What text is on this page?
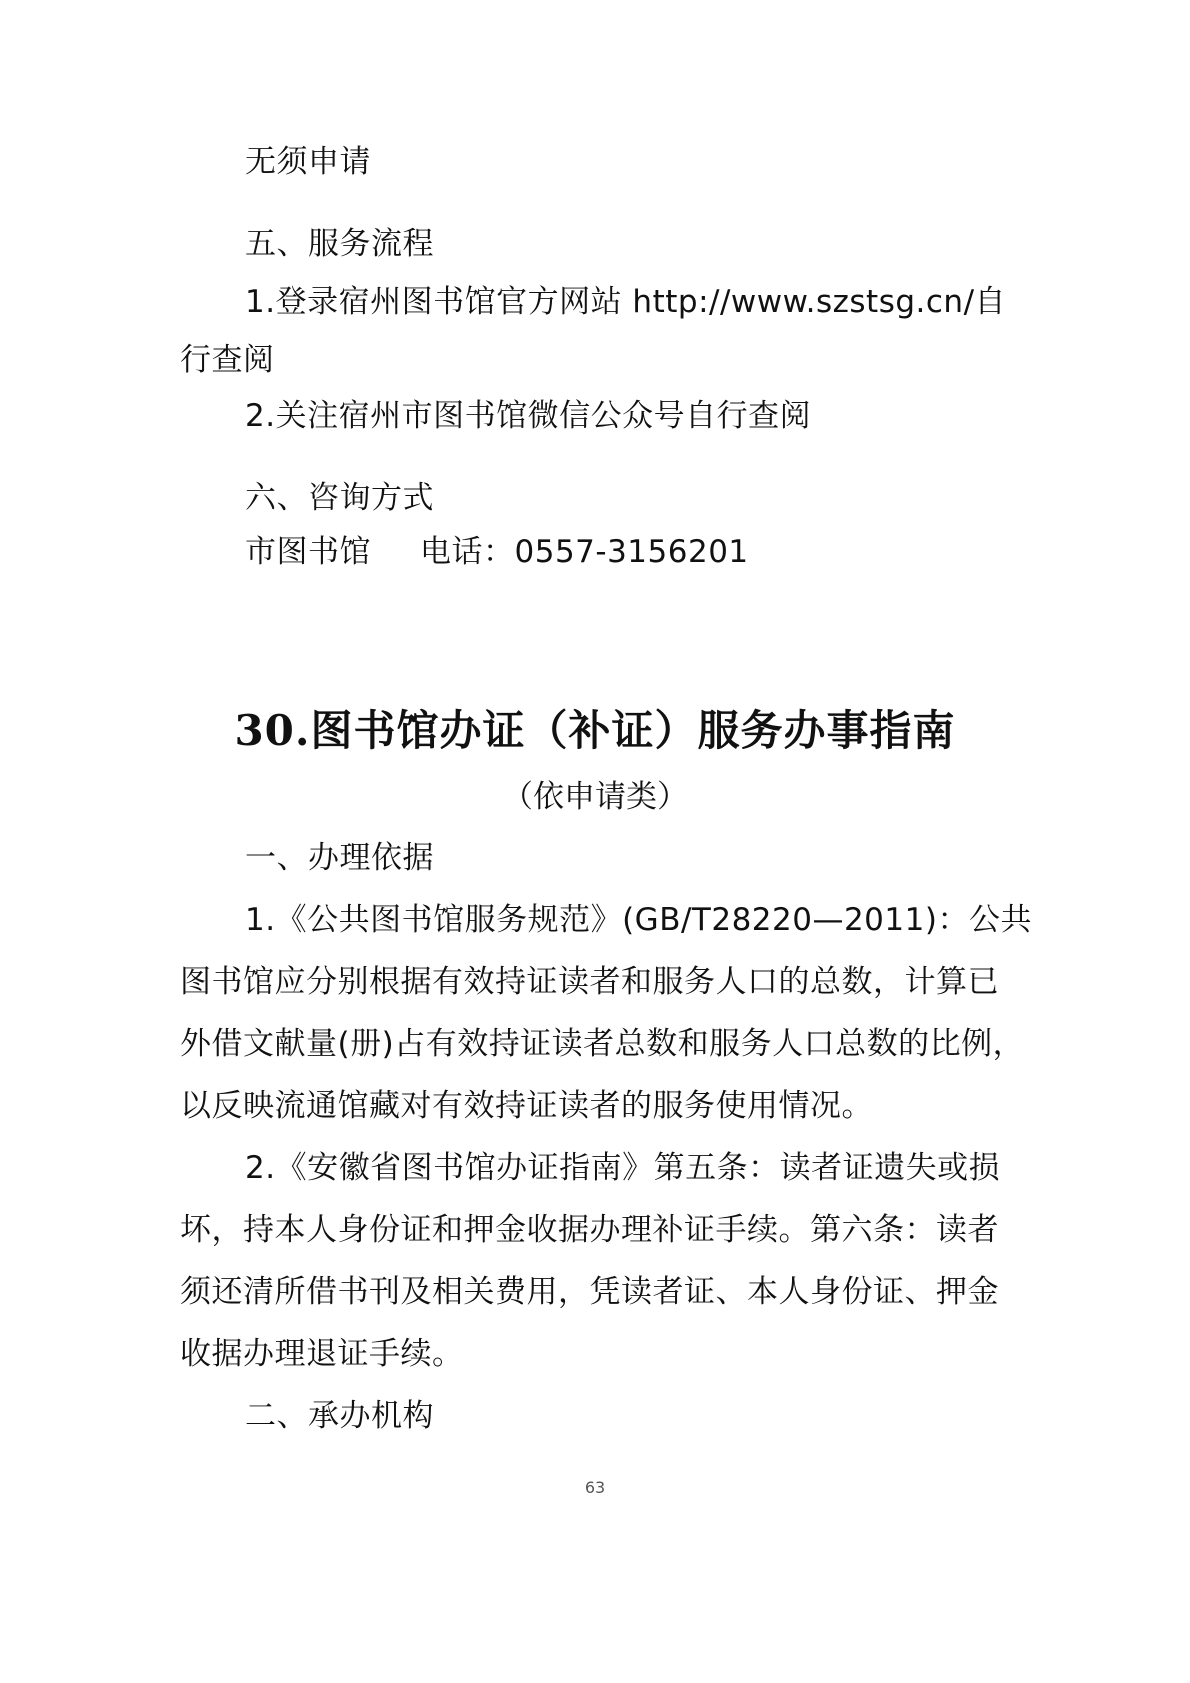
无须申请
五、服务流程
1.登录宿州图书馆官方网站 http://www.szstsg.cn/自
行查阅
2.关注宿州市图书馆微信公众号自行查阅
六、咨询方式
市图书馆 电话：0557-3156201
30.图书馆办证（补证）服务办事指南
（依申请类）
一、办理依据
1.《公共图书馆服务规范》(GB/T28220—2011)：公共
图书馆应分别根据有效持证读者和服务人口的总数，计算已
外借文献量(册)占有效持证读者总数和服务人口总数的比例，
以反映流通馆藏对有效持证读者的服务使用情况。
2.《安徽省图书馆办证指南》第五条：读者证遗失或损
坏，持本人身份证和押金收据办理补证手续。第六条：读者
须还清所借书刊及相关费用，凭读者证、本人身份证、押金
收据办理退证手续。
二、承办机构
63
